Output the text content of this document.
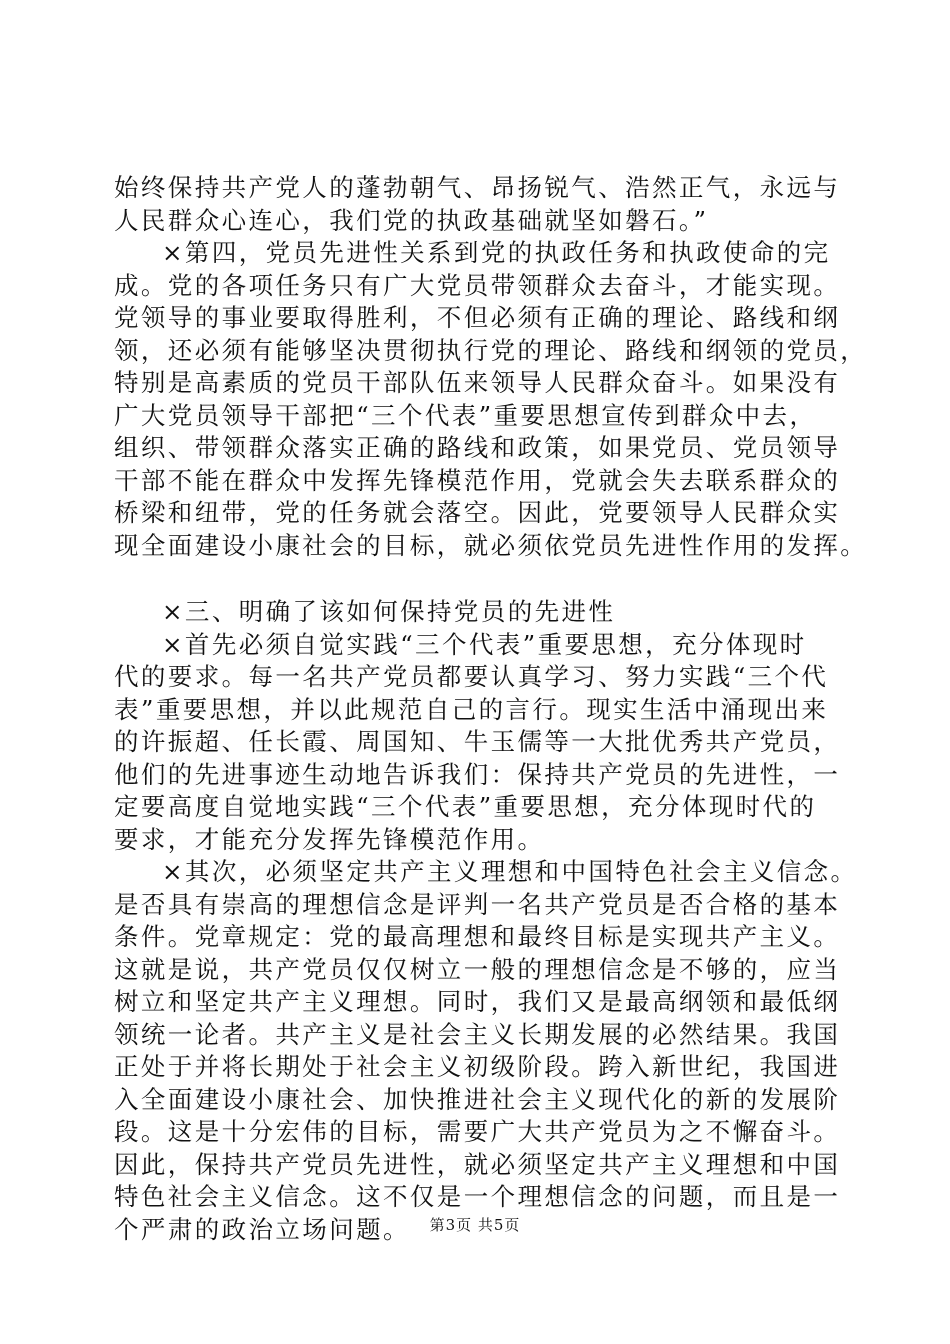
始终保持共产党人的蓬勃朝气、昂扬锐气、浩然正气，永远与
人民群众心连心，我们党的执政基础就坚如磐石。”
×第四，党员先进性关系到党的执政任务和执政使命的完
成。党的各项任务只有广大党员带领群众去奋斗，才能实现。
党领导的事业要取得胜利，不但必须有正确的理论、路线和纲
领，还必须有能够坚决贯彻执行党的理论、路线和纲领的党员，
特别是高素质的党员干部队伍来领导人民群众奋斗。如果没有
广大党员领导干部把“三个代表”重要思想宣传到群众中去，
组织、带领群众落实正确的路线和政策，如果党员、党员领导
干部不能在群众中发挥先锋模范作用，党就会失去联系群众的
桥梁和纽带，党的任务就会落空。因此，党要领导人民群众实
现全面建设小康社会的目标，就必须依党员先进性作用的发挥。
×三、明确了该如何保持党员的先进性
×首先必须自觉实践“三个代表”重要思想，充分体现时
代的要求。每一名共产党员都要认真学习、努力实践“三个代
表”重要思想，并以此规范自己的言行。现实生活中涌现出来
的许振超、任长霞、周国知、牛玉儒等一大批优秀共产党员，
他们的先进事迹生动地告诉我们：保持共产党员的先进性，一
定要高度自觉地实践“三个代表”重要思想，充分体现时代的
要求，才能充分发挥先锋模范作用。
×其次，必须坚定共产主义理想和中国特色社会主义信念。
是否具有崇高的理想信念是评判一名共产党员是否合格的基本
条件。党章规定：党的最高理想和最终目标是实现共产主义。
这就是说，共产党员仅仅树立一般的理想信念是不够的，应当
树立和坚定共产主义理想。同时，我们又是最高纲领和最低纲
领统一论者。共产主义是社会主义长期发展的必然结果。我国
正处于并将长期处于社会主义初级阶段。跨入新世纪，我国进
入全面建设小康社会、加快推进社会主义现代化的新的发展阶
段。这是十分宏伟的目标，需要广大共产党员为之不懈奋斗。
因此，保持共产党员先进性，就必须坚定共产主义理想和中国
特色社会主义信念。这不仅是一个理想信念的问题，而且是一
个严肃的政治立场问题。	第3页 共5页
